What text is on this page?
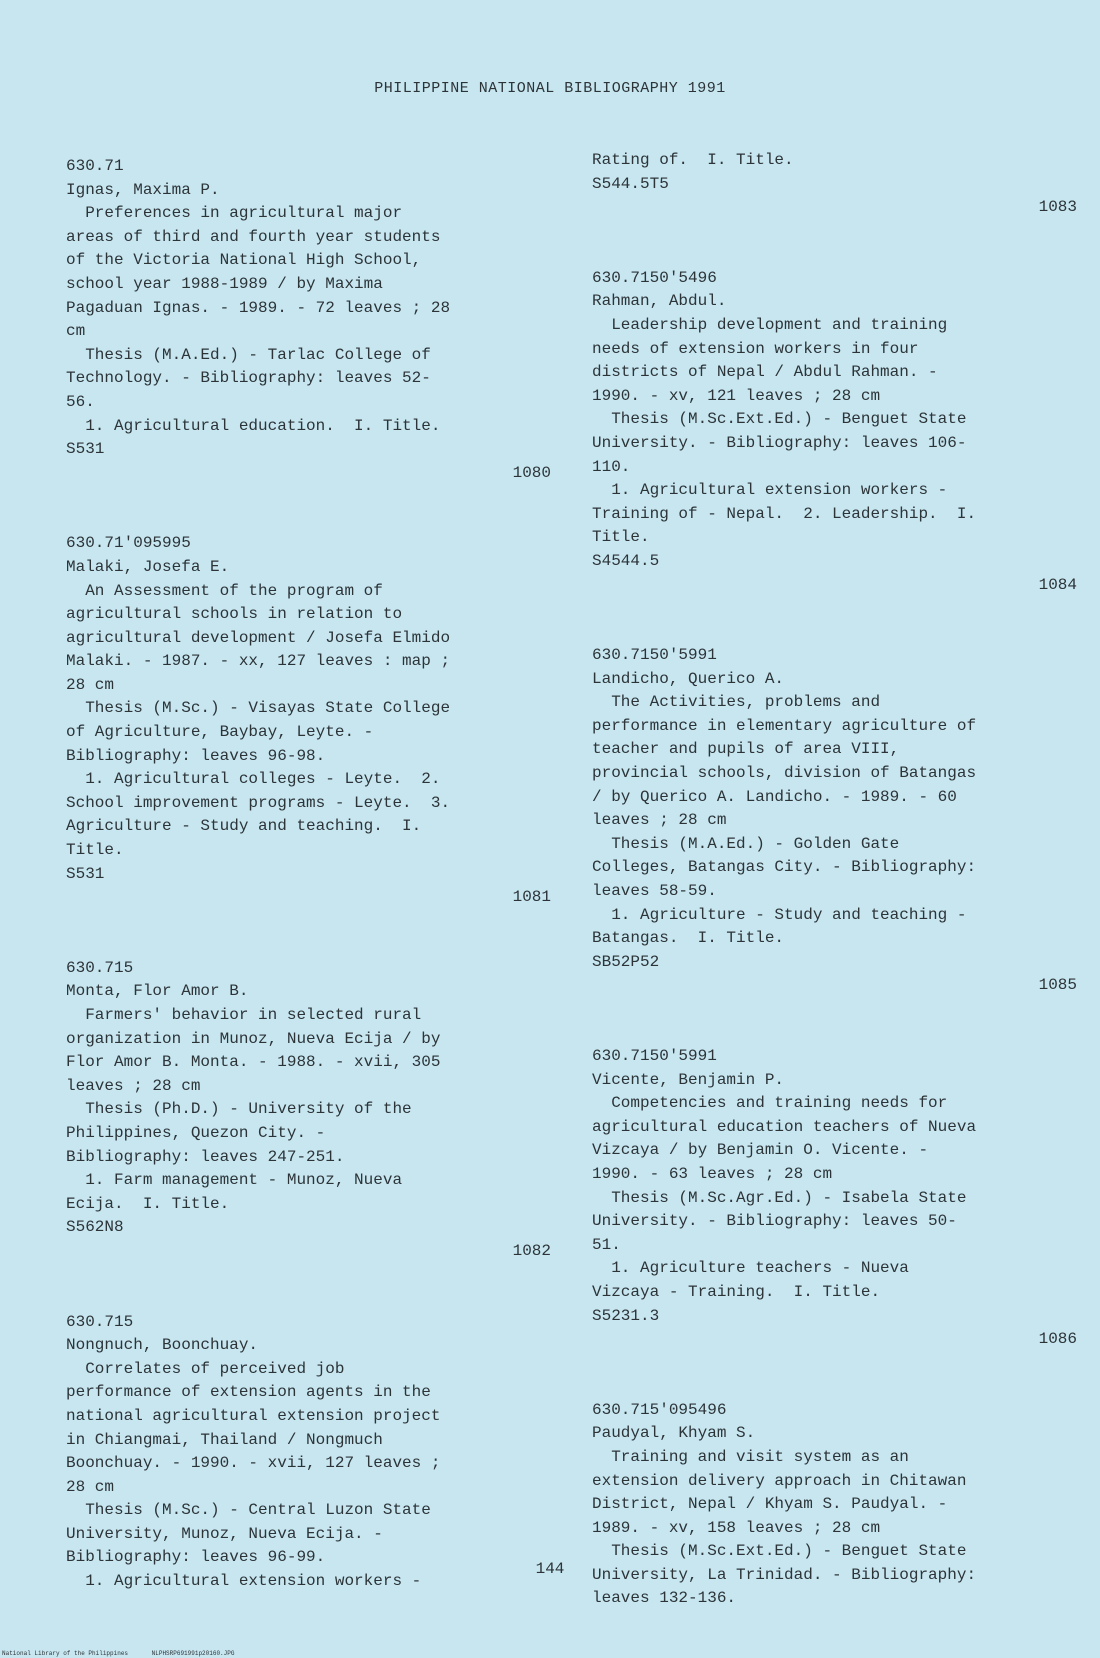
PHILIPPINE NATIONAL BIBLIOGRAPHY 1991
630.71
Ignas, Maxima P.
Preferences in agricultural major
areas of third and fourth year students
of the Victoria National High School,
school year 1988-1989 / by Maxima
Pagaduan Ignas. - 1989. - 72 leaves ; 28
cm
Thesis (M.A.Ed.) - Tarlac College of
Technology. - Bibliography: leaves 52-
56.
1. Agricultural education.  I. Title.
S531
1080
630.71'095995
Malaki, Josefa E.
An Assessment of the program of
agricultural schools in relation to
agricultural development / Josefa Elmido
Malaki. - 1987. - xx, 127 leaves : map ;
28 cm
Thesis (M.Sc.) - Visayas State College
of Agriculture, Baybay, Leyte. -
Bibliography: leaves 96-98.
1. Agricultural colleges - Leyte.  2.
School improvement programs - Leyte.  3.
Agriculture - Study and teaching.  I.
Title.
S531
1081
630.715
Monta, Flor Amor B.
Farmers' behavior in selected rural
organization in Munoz, Nueva Ecija / by
Flor Amor B. Monta. - 1988. - xvii, 305
leaves ; 28 cm
Thesis (Ph.D.) - University of the
Philippines, Quezon City. -
Bibliography: leaves 247-251.
1. Farm management - Munoz, Nueva
Ecija.  I. Title.
S562N8
1082
630.715
Nongnuch, Boonchuay.
Correlates of perceived job
performance of extension agents in the
national agricultural extension project
in Chiangmai, Thailand / Nongmuch
Boonchuay. - 1990. - xvii, 127 leaves ;
28 cm
Thesis (M.Sc.) - Central Luzon State
University, Munoz, Nueva Ecija. -
Bibliography: leaves 96-99.
1. Agricultural extension workers -
Rating of.  I. Title.
S544.5T5
1083
630.7150'5496
Rahman, Abdul.
Leadership development and training
needs of extension workers in four
districts of Nepal / Abdul Rahman. -
1990. - xv, 121 leaves ; 28 cm
Thesis (M.Sc.Ext.Ed.) - Benguet State
University. - Bibliography: leaves 106-
110.
1. Agricultural extension workers -
Training of - Nepal.  2. Leadership.  I.
Title.
S4544.5
1084
630.7150'5991
Landicho, Querico A.
The Activities, problems and
performance in elementary agriculture of
teacher and pupils of area VIII,
provincial schools, division of Batangas
/ by Querico A. Landicho. - 1989. - 60
leaves ; 28 cm
Thesis (M.A.Ed.) - Golden Gate
Colleges, Batangas City. - Bibliography:
leaves 58-59.
1. Agriculture - Study and teaching -
Batangas.  I. Title.
SB52P52
1085
630.7150'5991
Vicente, Benjamin P.
Competencies and training needs for
agricultural education teachers of Nueva
Vizcaya / by Benjamin O. Vicente. -
1990. - 63 leaves ; 28 cm
Thesis (M.Sc.Agr.Ed.) - Isabela State
University. - Bibliography: leaves 50-
51.
1. Agriculture teachers - Nueva
Vizcaya - Training.  I. Title.
S5231.3
1086
630.715'095496
Paudyal, Khyam S.
Training and visit system as an
extension delivery approach in Chitawan
District, Nepal / Khyam S. Paudyal. -
1989. - xv, 158 leaves ; 28 cm
Thesis (M.Sc.Ext.Ed.) - Benguet State
University, La Trinidad. - Bibliography:
leaves 132-136.
144
National Library of the Philippines	NLPHSRP691991p20160.JPG
